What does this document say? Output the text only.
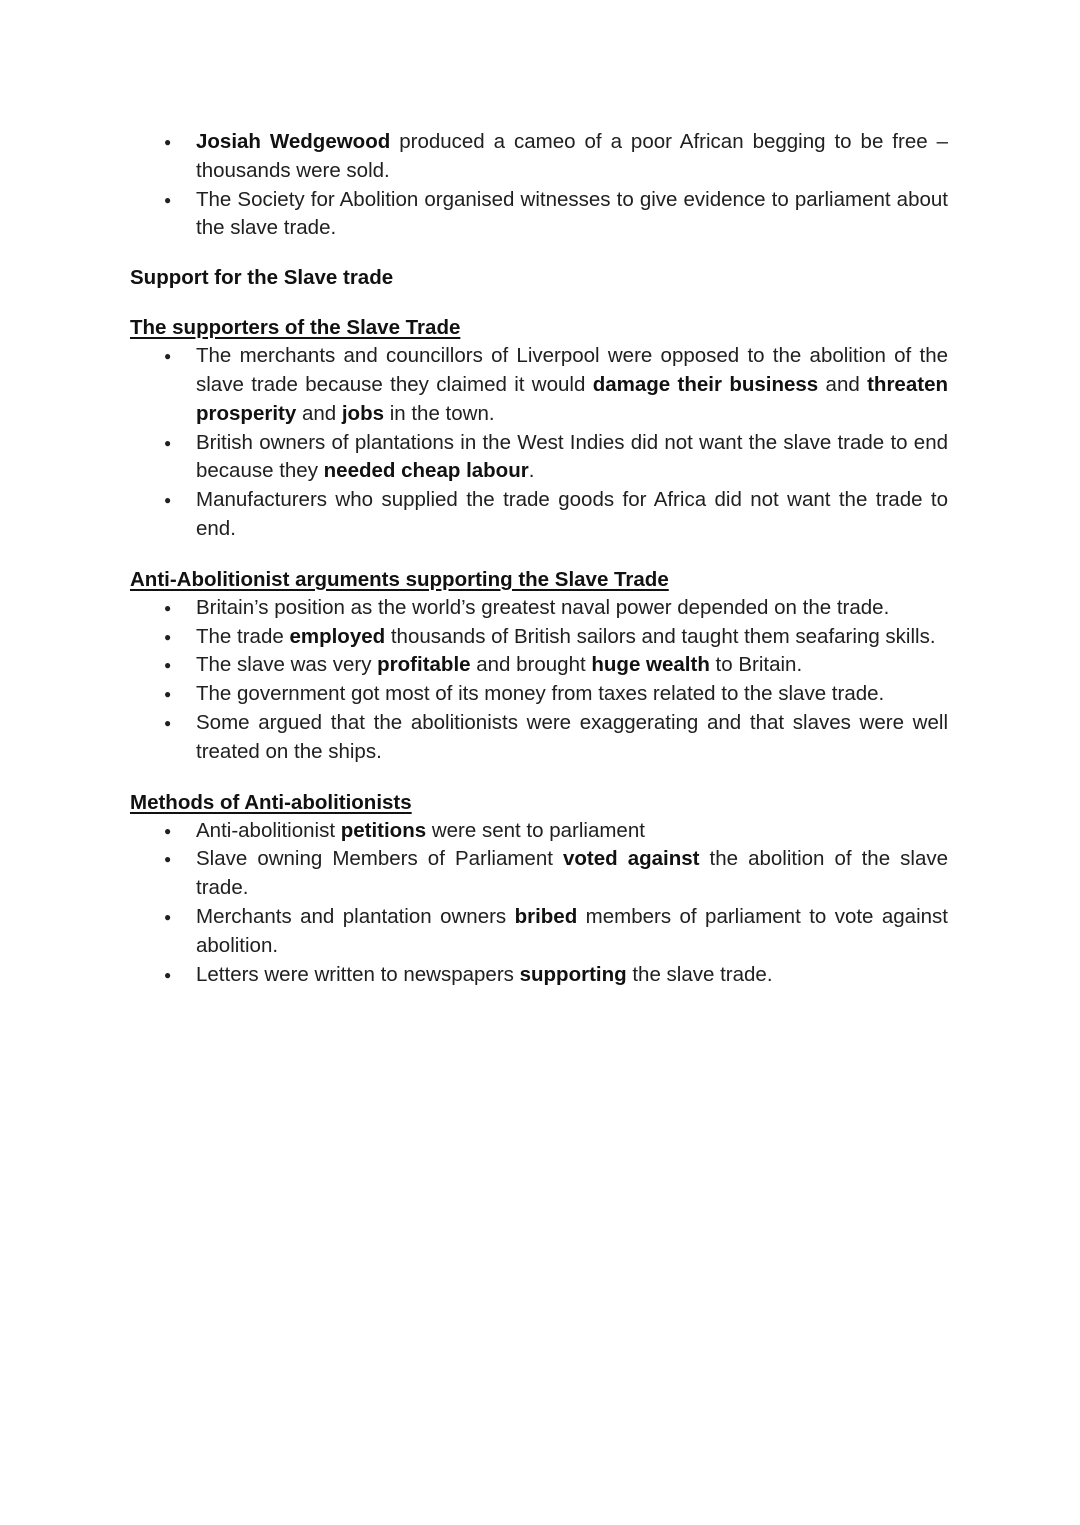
● Josiah Wedgewood produced a cameo of a poor African begging to be free – thousands were sold.
● The Society for Abolition organised witnesses to give evidence to parliament about the slave trade.
Support for the Slave trade
The supporters of the Slave Trade
● The merchants and councillors of Liverpool were opposed to the abolition of the slave trade because they claimed it would damage their business and threaten prosperity and jobs in the town.
● British owners of plantations in the West Indies did not want the slave trade to end because they needed cheap labour.
● Manufacturers who supplied the trade goods for Africa did not want the trade to end.
Anti-Abolitionist arguments supporting the Slave Trade
● Britain’s position as the world’s greatest naval power depended on the trade.
● The trade employed thousands of British sailors and taught them seafaring skills.
● The slave was very profitable and brought huge wealth to Britain.
● The government got most of its money from taxes related to the slave trade.
● Some argued that the abolitionists were exaggerating and that slaves were well treated on the ships.
Methods of Anti-abolitionists
● Anti-abolitionist petitions were sent to parliament
● Slave owning Members of Parliament voted against the abolition of the slave trade.
● Merchants and plantation owners bribed members of parliament to vote against abolition.
● Letters were written to newspapers supporting the slave trade.
